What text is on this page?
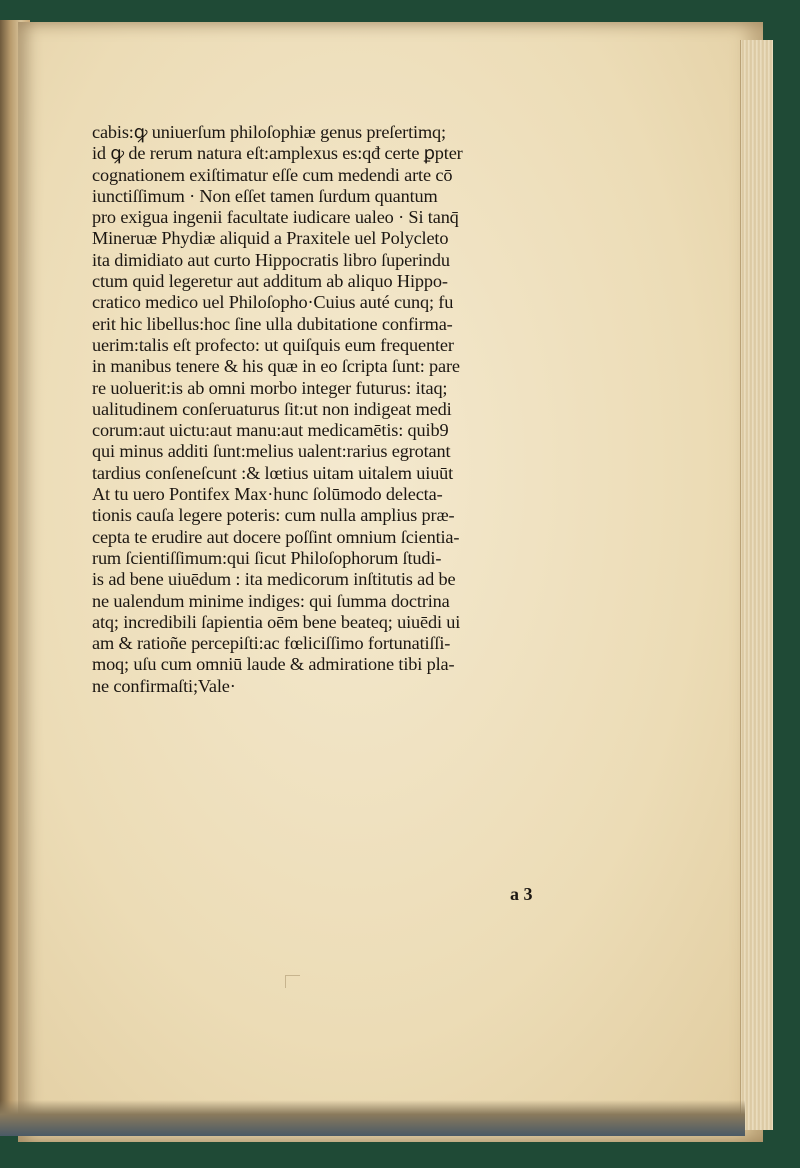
cabis:ꝙ uniuerſum philoſophiæ genus preſertimq;
id ꝙ de rerum natura eſt:amplexus es:qđ certe ꝑpter
cognationem exiſtimatur eſſe cum medendi arte cō
iunctiſſimum · Non eſſet tamen ſurdum quantum
pro exigua ingenii facultate iudicare ualeo · Si tanq̄
Mineruæ Phydiæ aliquid a Praxitele uel Polycleto
ita dimidiato aut curto Hippocratis libro ſuperindu
ctum quid legeretur aut additum ab aliquo Hippo-
cratico medico uel Philoſopho·Cuius auté cunq; fu
erit hic libellus:hoc ſine ulla dubitatione confirma-
uerim:talis eſt profecto: ut quiſquis eum frequenter
in manibus tenere & his quæ in eo ſcripta ſunt: pare
re uoluerit:is ab omni morbo integer futurus: itaq;
ualitudinem conſeruaturus ſit:ut non indigeat medi
corum:aut uictu:aut manu:aut medicamētis: quib9
qui minus additi ſunt:melius ualent:rarius egrotant
tardius conſeneſcunt :& lœtius uitam uitalem uiuūt
At tu uero Pontifex Max·hunc ſolūmodo delecta-
tionis cauſa legere poteris: cum nulla amplius præ-
cepta te erudire aut docere poſſint omnium ſcientia-
rum ſcientiſſimum:qui ſicut Philoſophorum ſtudi-
is ad bene uiuēdum : ita medicorum inſtitutis ad be
ne ualendum minime indiges: qui ſumma doctrina
atq; incredibili ſapientia oēm bene beateq; uiuēdi ui
am & ratioñe percepiſti:ac fœliciſſimo fortunatiſſi-
moq; uſu cum omniū laude & admiratione tibi pla-
ne confirmaſti;Vale·
a 3
